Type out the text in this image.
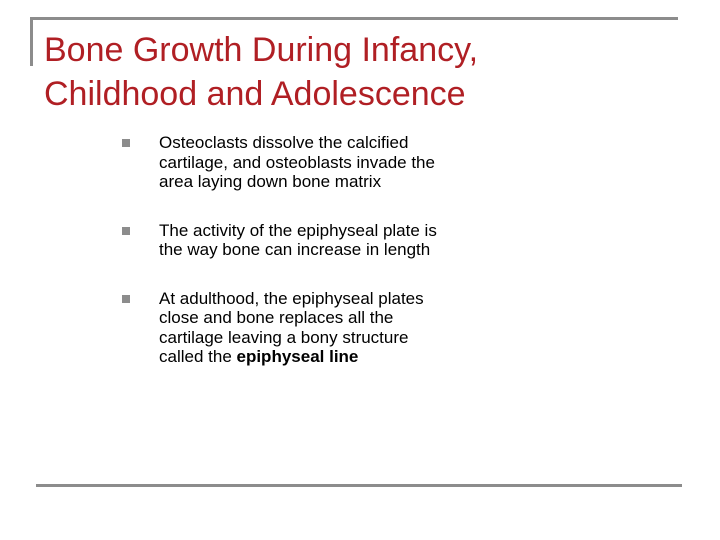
Bone Growth During Infancy,
Childhood and Adolescence
Osteoclasts dissolve the calcified cartilage, and osteoblasts invade the area laying down bone matrix
The activity of the epiphyseal plate is the way bone can increase in length
At adulthood, the epiphyseal plates close and bone replaces all the cartilage leaving a bony structure called the epiphyseal line
